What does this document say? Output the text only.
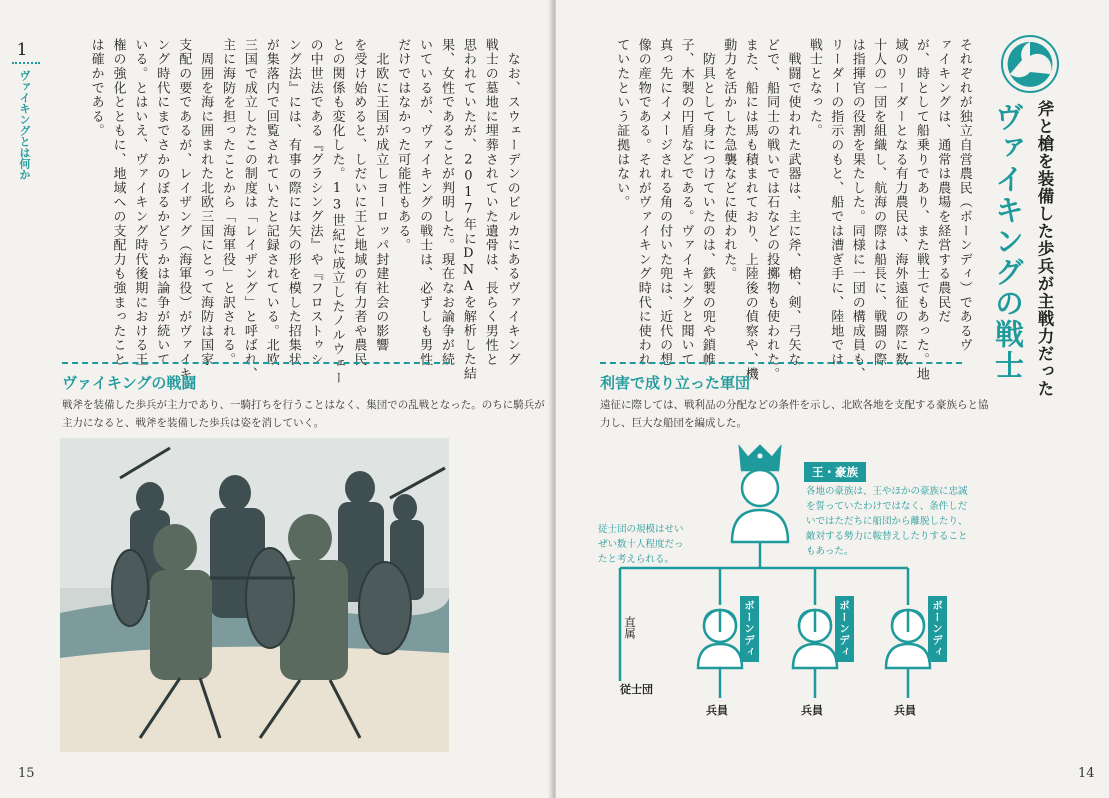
1
ヴァイキングとは何か	　なお、スウェーデンのビルカにあるヴァイキング
戦士の墓地に埋葬されていた遺骨は、長らく男性と
思われていたが、2017年にDNAを解析した結
果、女性であることが判明した。現在なお論争が続
いているが、ヴァイキングの戦士は、必ずしも男性
だけではなかった可能性もある。
　北欧に王国が成立しヨーロッパ封建社会の影響
を受け始めると、しだいに王と地域の有力者や農民
との関係も変化した。13世紀に成立したノルウェー
の中世法である『グラシング法』や『フロストゥシ
ング法』には、有事の際には矢の形を模した招集状
が集落内で回覧されていたと記録されている。北欧
三国で成立したこの制度は「レイザング」と呼ばれ、
主に海防を担ったことから「海軍役」と訳される。
　周囲を海に囲まれた北欧三国にとって海防は国家
支配の要であるが、レイザング（海軍役）がヴァイキ
ング時代にまでさかのぼるかどうかは論争が続いて
いる。とはいえ、ヴァイキング時代後期における王
権の強化とともに、地域への支配力も強まったこと
は確かである。
ヴァイキングの戦闘
戦斧を装備した歩兵が主力であり、一騎打ちを行うことはなく、集団での乱戦となった。のちに騎兵が
主力になると、戦斧を装備した歩兵は姿を消していく。
15
斧と槍を装備した歩兵が主戦力だった
ヴァイキングの戦士
それぞれが独立自営農民（ボーンディ）であるヴ
ァイキングは、通常は農場を経営する農民だ
が、時として船乗りであり、また戦士でもあった。地
域のリーダーとなる有力農民は、海外遠征の際に数
十人の一団を組織し、航海の際は船長に、戦闘の際
は指揮官の役割を果たした。同様に一団の構成員も、
リーダーの指示のもと、船では漕ぎ手に、陸地では
戦士となった。
　戦闘で使われた武器は、主に斧、槍、剣、弓矢な
どで、船同士の戦いでは石などの投擲物も使われた。
また、船には馬も積まれており、上陸後の偵察や、機
動力を活かした急襲などに使われた。
　防具として身につけていたのは、鉄製の兜や鎖帷
子、木製の円盾などである。ヴァイキングと聞いて
真っ先にイメージされる角の付いた兜は、近代の想
像の産物である。それがヴァイキング時代に使われ
ていたという証拠はない。
利害で成り立った軍団
遠征に際しては、戦利品の分配などの条件を示し、北欧各地を支配する豪族らと協
力し、巨大な船団を編成した。
14
王・豪族
各地の豪族は、王やほかの豪族に忠誠
を誓っていたわけではなく、条件しだ
いではただちに船団から離脱したり、
敵対する勢力に鞍替えしたりすること
もあった。
従士団の規模はせい
ぜい数十人程度だっ
たと考えられる。
直属
従士団
ボーンディ	ボーンディ	ボーンディ
兵員	兵員	兵員
